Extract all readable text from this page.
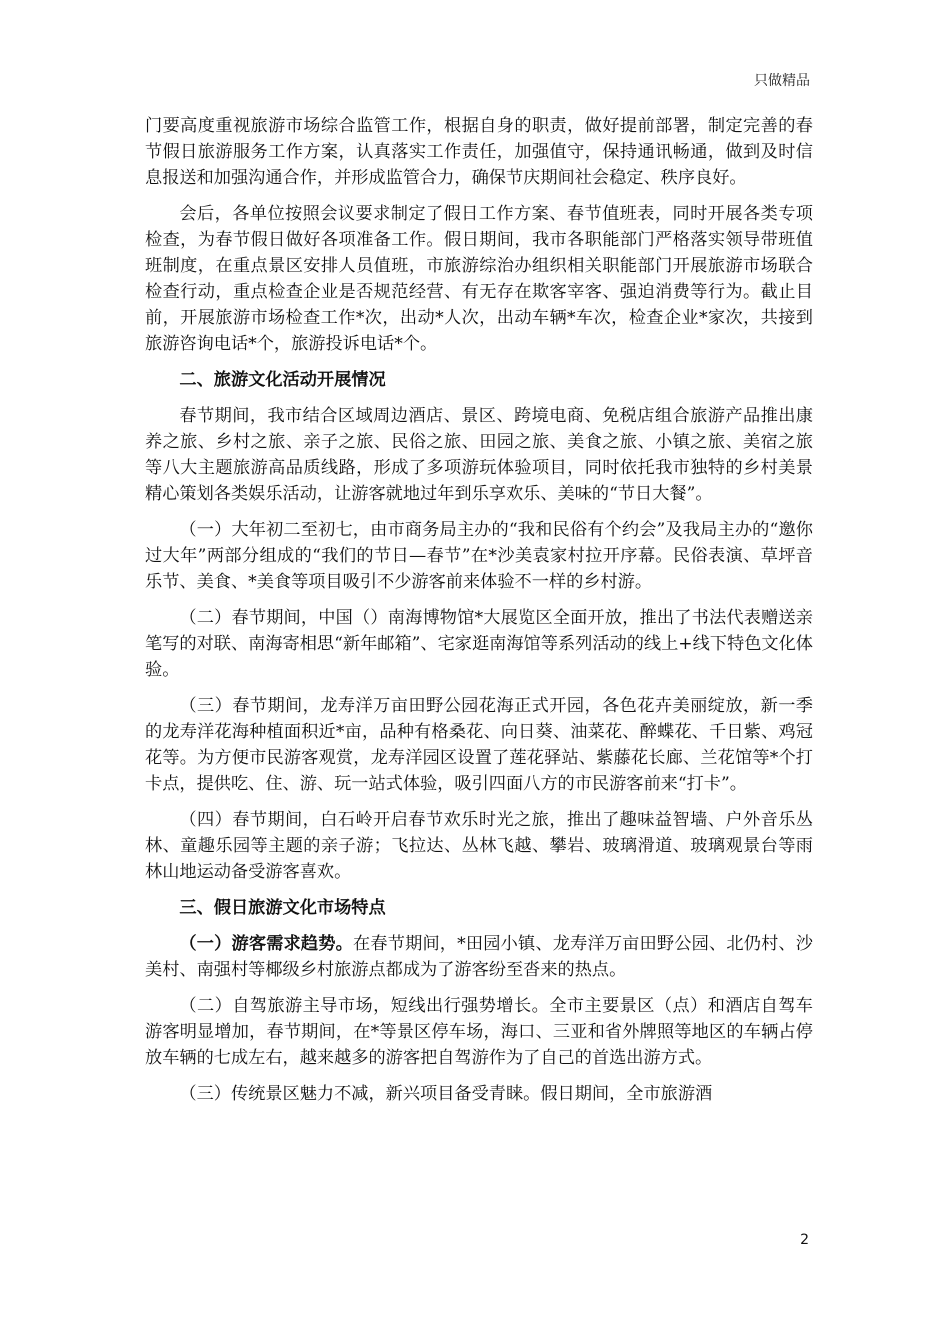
只做精品

门要高度重视旅游市场综合监管工作，根据自身的职责，做好提前部署，制定完善的春节假日旅游服务工作方案，认真落实工作责任，加强值守，保持通讯畅通，做到及时信息报送和加强沟通合作，并形成监管合力，确保节庆期间社会稳定、秩序良好。

会后，各单位按照会议要求制定了假日工作方案、春节值班表，同时开展各类专项检查，为春节假日做好各项准备工作。假日期间，我市各职能部门严格落实领导带班值班制度，在重点景区安排人员值班，市旅游综治办组织相关职能部门开展旅游市场联合检查行动，重点检查企业是否规范经营、有无存在欺客宰客、强迫消费等行为。截止目前，开展旅游市场检查工作*次，出动*人次，出动车辆*车次，检查企业*家次，共接到旅游咨询电话*个，旅游投诉电话*个。

二、旅游文化活动开展情况

春节期间，我市结合区域周边酒店、景区、跨境电商、免税店组合旅游产品推出康养之旅、乡村之旅、亲子之旅、民俗之旅、田园之旅、美食之旅、小镇之旅、美宿之旅等八大主题旅游高品质线路，形成了多项游玩体验项目，同时依托我市独特的乡村美景精心策划各类娱乐活动，让游客就地过年到乐享欢乐、美味的“节日大餐”。

（一）大年初二至初七，由市商务局主办的“我和民俗有个约会”及我局主办的“邀你过大年”两部分组成的“我们的节日—春节”在*沙美袁家村拉开序幕。民俗表演、草坪音乐节、美食、*美食等项目吸引不少游客前来体验不一样的乡村游。

（二）春节期间，中国（）南海博物馆*大展览区全面开放，推出了书法代表赠送亲笔写的对联、南海寄相思“新年邮箱”、宅家逛南海馆等系列活动的线上+线下特色文化体验。

（三）春节期间，龙寿洋万亩田野公园花海正式开园，各色花卉美丽绽放，新一季的龙寿洋花海种植面积近*亩，品种有格桑花、向日葵、油菜花、醉蝶花、千日紫、鸡冠花等。为方便市民游客观赏，龙寿洋园区设置了莲花驿站、紫藤花长廊、兰花馆等*个打卡点，提供吃、住、游、玩一站式体验，吸引四面八方的市民游客前来“打卡”。

（四）春节期间，白石岭开启春节欢乐时光之旅，推出了趣味益智墙、户外音乐丛林、童趣乐园等主题的亲子游；飞拉达、丛林飞越、攀岩、玻璃滑道、玻璃观景台等雨林山地运动备受游客喜欢。

三、假日旅游文化市场特点

（一）游客需求趋势。在春节期间，*田园小镇、龙寿洋万亩田野公园、北仍村、沙美村、南强村等椰级乡村旅游点都成为了游客纷至沓来的热点。

（二）自驾旅游主导市场，短线出行强势增长。全市主要景区（点）和酒店自驾车游客明显增加，春节期间，在*等景区停车场，海口、三亚和省外牌照等地区的车辆占停放车辆的七成左右，越来越多的游客把自驾游作为了自己的首选出游方式。

（三）传统景区魅力不减，新兴项目备受青睐。假日期间，全市旅游酒

2
